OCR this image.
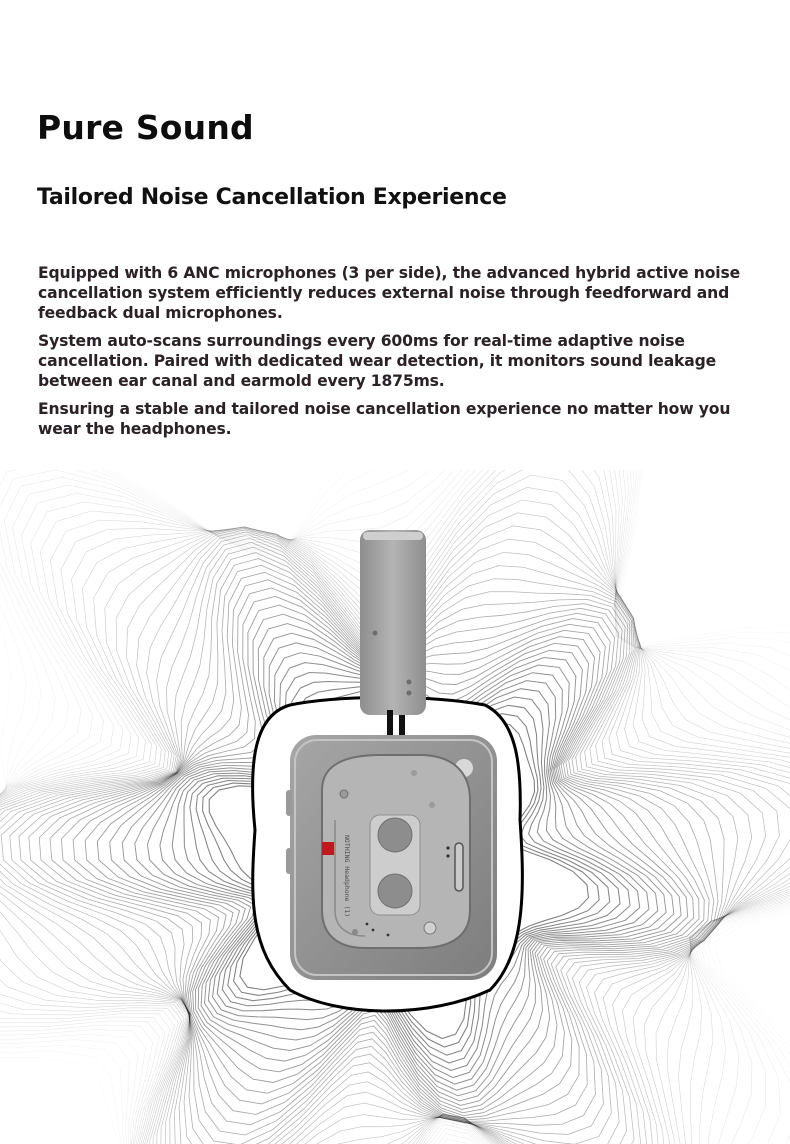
Pure Sound
Tailored Noise Cancellation Experience

Equipped with 6 ANC microphones (3 per side), the advanced hybrid active noise cancellation system efficiently reduces external noise through feedforward and feedback dual microphones.

System auto-scans surroundings every 600ms for real-time adaptive noise cancellation. Paired with dedicated wear detection, it monitors sound leakage between ear canal and earmold every 1875ms.

Ensuring a stable and tailored noise cancellation experience no matter how you wear the headphones.

NOTHING Headphone (1)
